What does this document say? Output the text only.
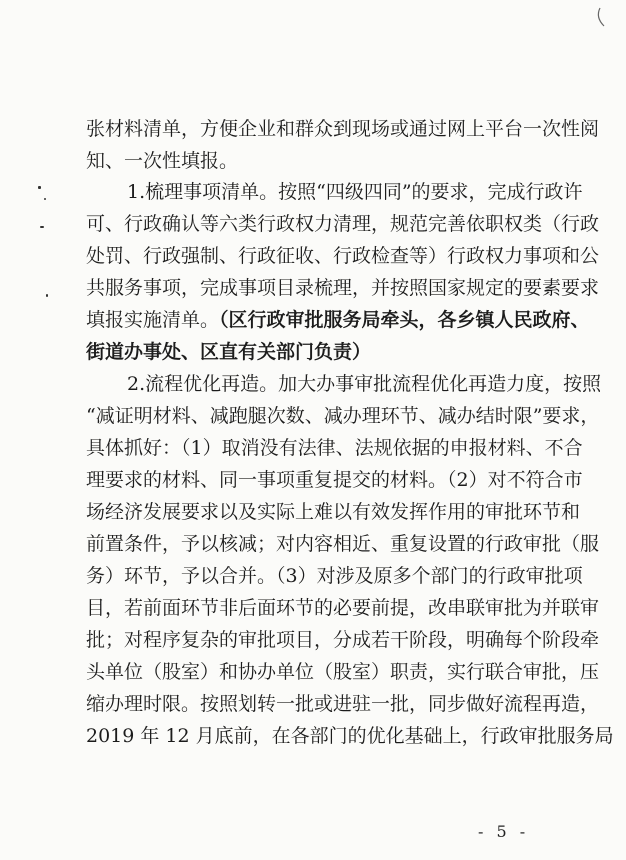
张材料清单，方便企业和群众到现场或通过网上平台一次性阅
知、一次性填报。
1.梳理事项清单。按照“四级四同”的要求，完成行政许
可、行政确认等六类行政权力清理，规范完善依职权类（行政
处罚、行政强制、行政征收、行政检查等）行政权力事项和公
共服务事项，完成事项目录梳理，并按照国家规定的要素要求
填报实施清单。（区行政审批服务局牵头，各乡镇人民政府、
街道办事处、区直有关部门负责）
2.流程优化再造。加大办事审批流程优化再造力度，按照
“减证明材料、减跑腿次数、减办理环节、减办结时限”要求，
具体抓好：（1）取消没有法律、法规依据的申报材料、不合
理要求的材料、同一事项重复提交的材料。（2）对不符合市
场经济发展要求以及实际上难以有效发挥作用的审批环节和
前置条件，予以核减；对内容相近、重复设置的行政审批（服
务）环节，予以合并。（3）对涉及原多个部门的行政审批项
目，若前面环节非后面环节的必要前提，改串联审批为并联审
批；对程序复杂的审批项目，分成若干阶段，明确每个阶段牵
头单位（股室）和协办单位（股室）职责，实行联合审批，压
缩办理时限。按照划转一批或进驻一批，同步做好流程再造，
2019 年 12 月底前，在各部门的优化基础上，行政审批服务局
- 5 -
